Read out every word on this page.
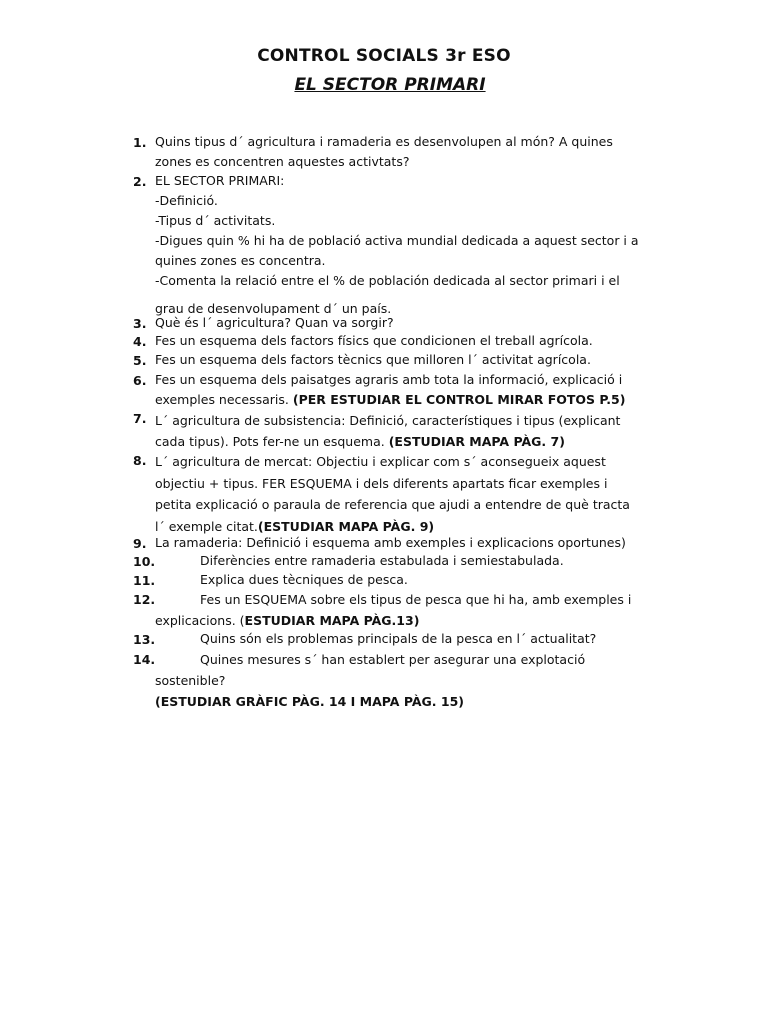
CONTROL SOCIALS 3r ESO
EL SECTOR PRIMARI
1. Quins tipus d´ agricultura i ramaderia es desenvolupen al món? A quines
zones es concentren aquestes activtats?
2. EL SECTOR PRIMARI:
-Definició.
-Tipus d´ activitats.
-Digues quin % hi ha de població activa mundial dedicada a aquest sector i a
quines zones es concentra.
-Comenta la relació entre el % de población dedicada al sector primari i el
grau de desenvolupament d´ un país.
3. Què és l´ agricultura? Quan va sorgir?
4. Fes un esquema dels factors físics que condicionen el treball agrícola.
5. Fes un esquema dels factors tècnics que milloren l´ activitat agrícola.
6. Fes un esquema dels paisatges agraris amb tota la informació, explicació i
exemples necessaris. (PER ESTUDIAR EL CONTROL MIRAR FOTOS P.5)
7. L´ agricultura de subsistencia: Definició, característiques i tipus (explicant
cada tipus). Pots fer-ne un esquema. (ESTUDIAR MAPA PÀG. 7)
8. L´ agricultura de mercat: Objectiu i explicar com s´ aconsegueix aquest
objectiu + tipus. FER ESQUEMA i dels diferents apartats ficar exemples i
petita explicació o paraula de referencia que ajudi a entendre de què tracta
l´ exemple citat.(ESTUDIAR MAPA PÀG. 9)
9. La ramaderia: Definició i esquema amb exemples i explicacions oportunes)
10.	Diferències entre ramaderia estabulada i semiestabulada.
11.	Explica dues tècniques de pesca.
12.	Fes un ESQUEMA sobre els tipus de pesca que hi ha, amb exemples i
explicacions. (ESTUDIAR MAPA PÀG.13)
13.	Quins són els problemas principals de la pesca en l´ actualitat?
14.	Quines mesures s´ han establert per asegurar una explotació
sostenible?
(ESTUDIAR GRÀFIC PÀG. 14 I MAPA PÀG. 15)
